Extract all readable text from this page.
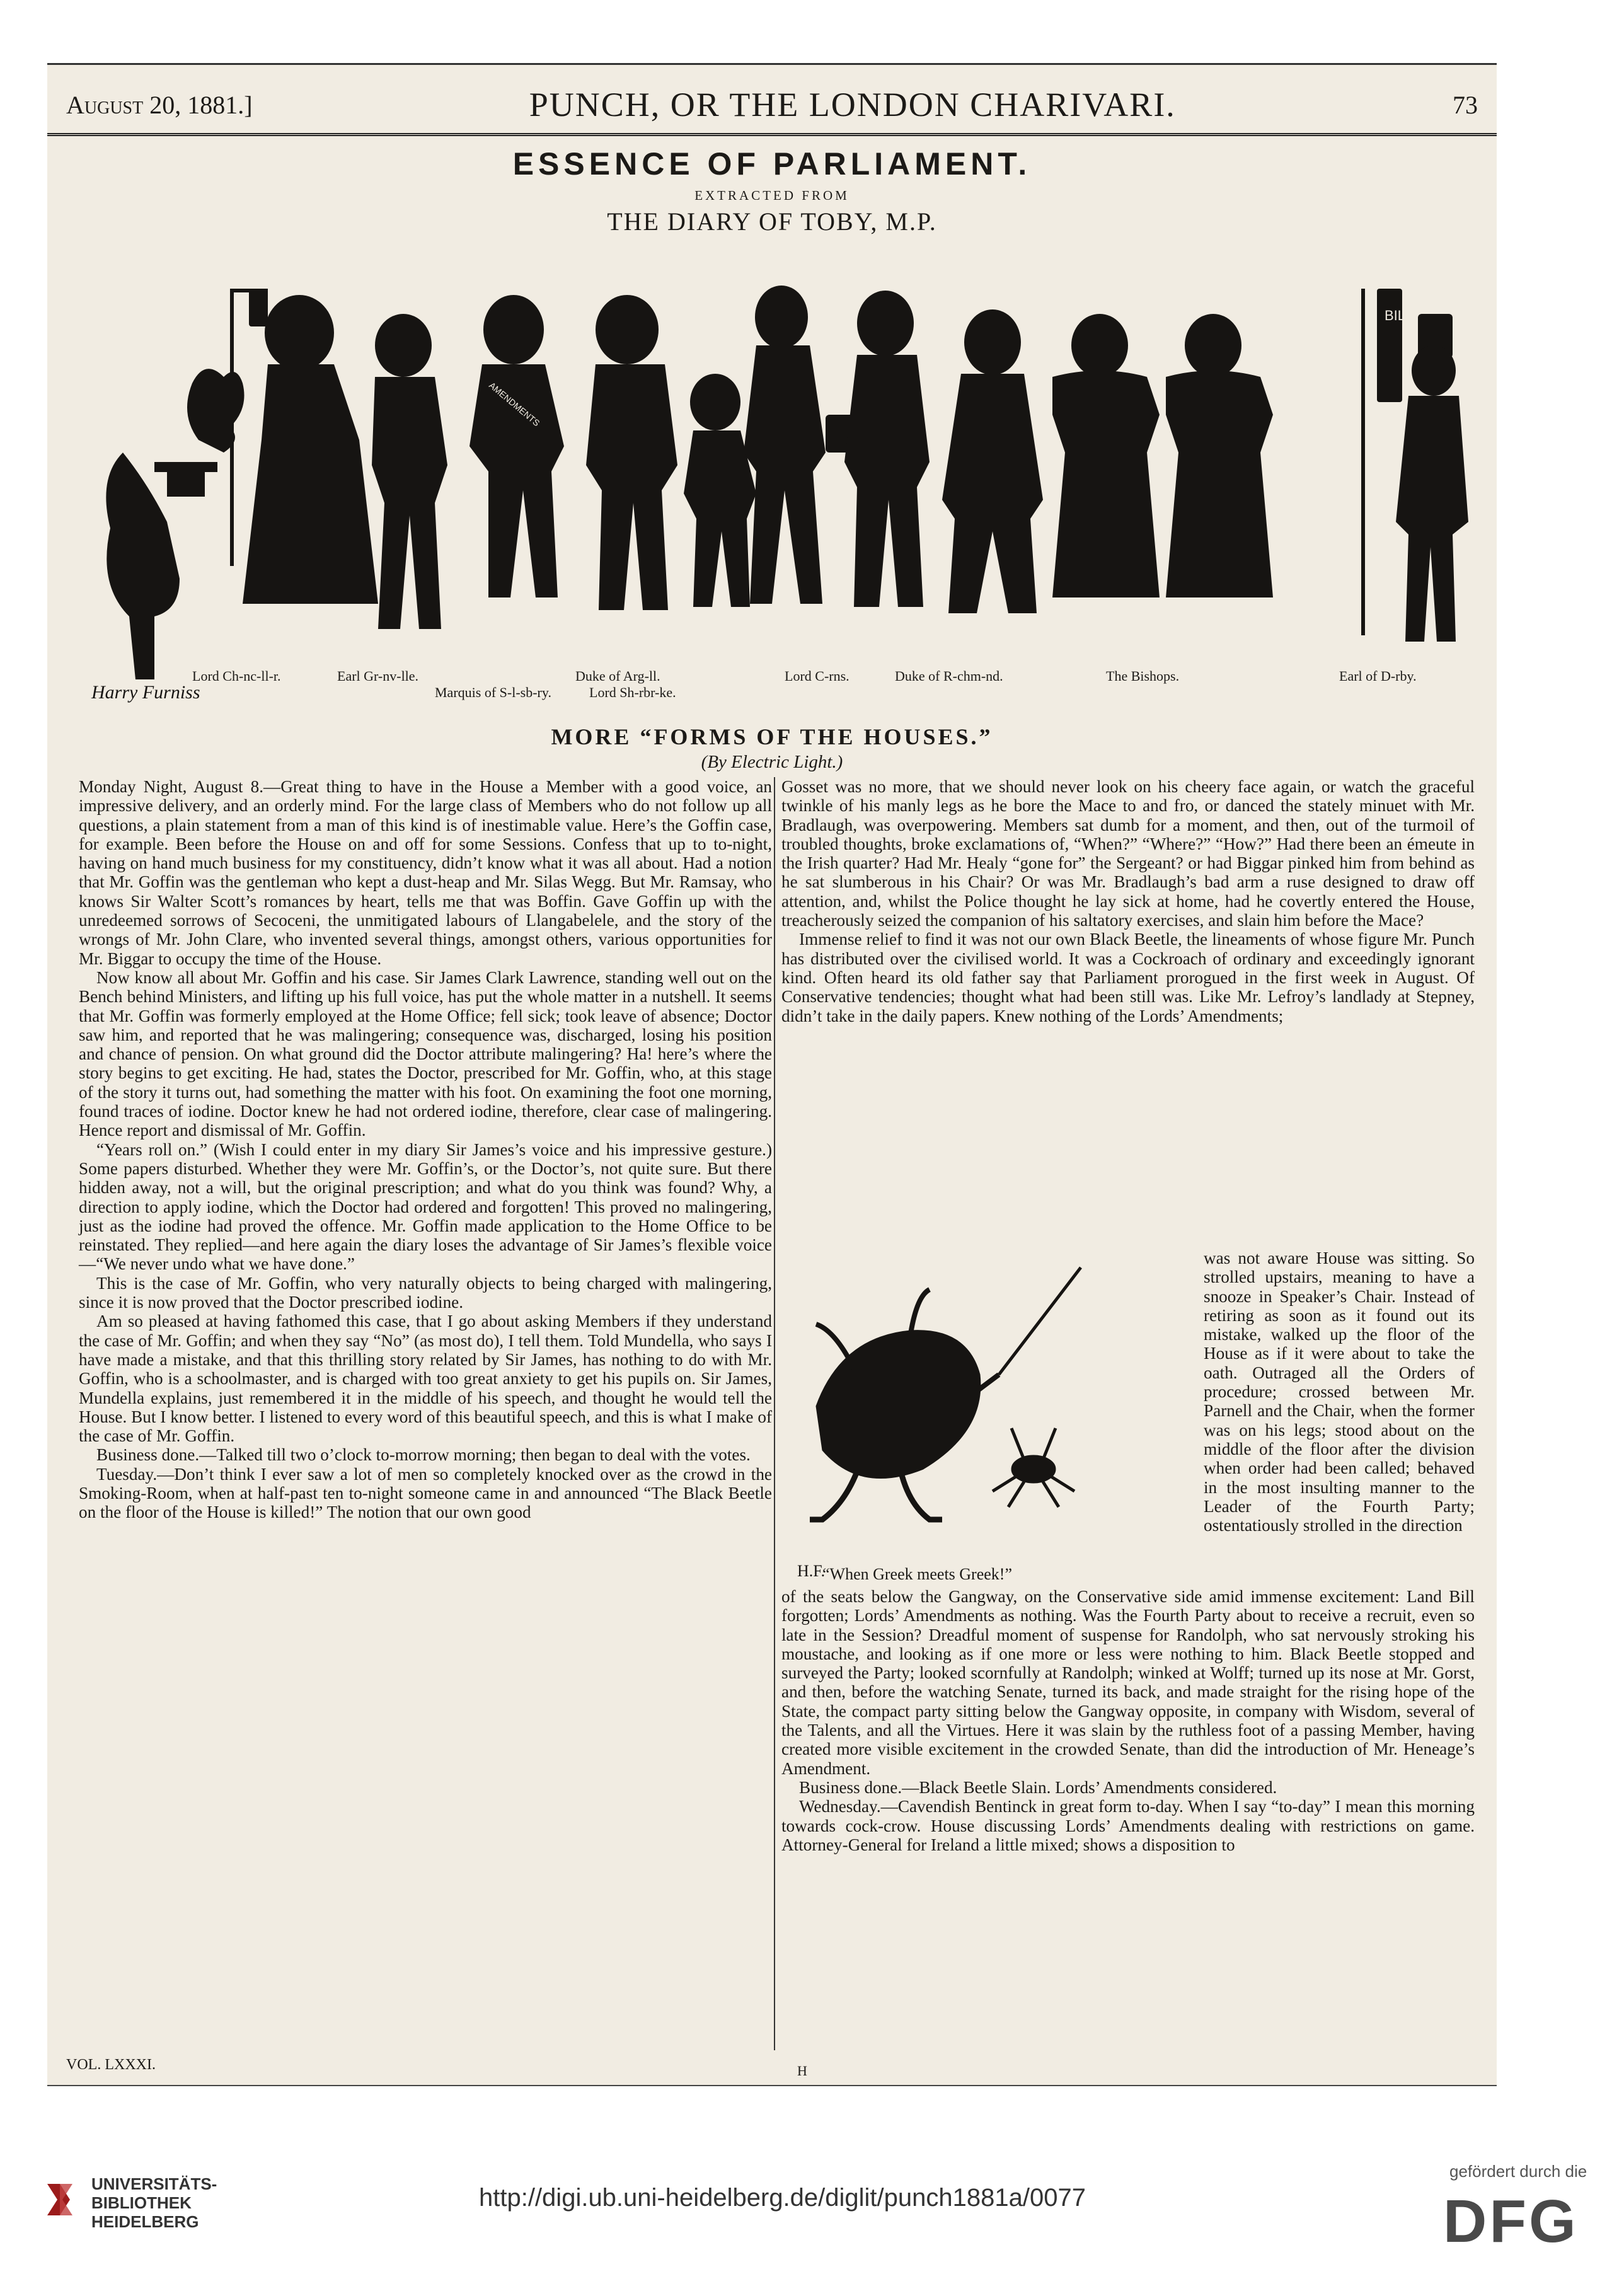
August 20, 1881.]	PUNCH, OR THE LONDON CHARIVARI.	73
ESSENCE OF PARLIAMENT.
EXTRACTED FROM
THE DIARY OF TOBY, M.P.
BILL
AMENDMENTS
Harry Furniss
Lord Ch-nc-ll-r.	Earl Gr-nv-lle.	Duke of Arg-ll.	Lord C-rns.	Duke of R-chm-nd.	The Bishops.	Earl of D-rby.
Marquis of S-l-sb-ry.	Lord Sh-rbr-ke.
MORE “FORMS OF THE HOUSES.”
(By Electric Light.)

Monday Night, August 8.—Great thing to have in the House a Member with a good voice, an impressive delivery, and an orderly mind. For the large class of Members who do not follow up all questions, a plain statement from a man of this kind is of inestimable value. Here’s the Goffin case, for example. Been before the House on and off for some Sessions. Confess that up to to-night, having on hand much business for my constituency, didn’t know what it was all about. Had a notion that Mr. Goffin was the gentleman who kept a dust-heap and Mr. Silas Wegg. But Mr. Ramsay, who knows Sir Walter Scott’s romances by heart, tells me that was Boffin. Gave Goffin up with the unredeemed sorrows of Secoceni, the unmitigated labours of Llangabelele, and the story of the wrongs of Mr. John Clare, who invented several things, amongst others, various opportunities for Mr. Biggar to occupy the time of the House.

Now know all about Mr. Goffin and his case. Sir James Clark Lawrence, standing well out on the Bench behind Ministers, and lifting up his full voice, has put the whole matter in a nutshell. It seems that Mr. Goffin was formerly employed at the Home Office; fell sick; took leave of absence; Doctor saw him, and reported that he was malingering; consequence was, discharged, losing his position and chance of pension. On what ground did the Doctor attribute malingering? Ha! here’s where the story begins to get exciting. He had, states the Doctor, prescribed for Mr. Goffin, who, at this stage of the story it turns out, had something the matter with his foot. On examining the foot one morning, found traces of iodine. Doctor knew he had not ordered iodine, therefore, clear case of malingering. Hence report and dismissal of Mr. Goffin.

“Years roll on.” (Wish I could enter in my diary Sir James’s voice and his impressive gesture.) Some papers disturbed. Whether they were Mr. Goffin’s, or the Doctor’s, not quite sure. But there hidden away, not a will, but the original prescription; and what do you think was found? Why, a direction to apply iodine, which the Doctor had ordered and forgotten! This proved no malingering, just as the iodine had proved the offence. Mr. Goffin made application to the Home Office to be reinstated. They replied—and here again the diary loses the advantage of Sir James’s flexible voice—“We never undo what we have done.”

This is the case of Mr. Goffin, who very naturally objects to being charged with malingering, since it is now proved that the Doctor prescribed iodine.

Am so pleased at having fathomed this case, that I go about asking Members if they understand the case of Mr. Goffin; and when they say “No” (as most do), I tell them. Told Mundella, who says I have made a mistake, and that this thrilling story related by Sir James, has nothing to do with Mr. Goffin, who is a schoolmaster, and is charged with too great anxiety to get his pupils on. Sir James, Mundella explains, just remembered it in the middle of his speech, and thought he would tell the House. But I know better. I listened to every word of this beautiful speech, and this is what I make of the case of Mr. Goffin.

Business done.—Talked till two o’clock to-morrow morning; then began to deal with the votes.

Tuesday.—Don’t think I ever saw a lot of men so completely knocked over as the crowd in the Smoking-Room, when at half-past ten to-night someone came in and announced “The Black Beetle on the floor of the House is killed!” The notion that our own good

Gosset was no more, that we should never look on his cheery face again, or watch the graceful twinkle of his manly legs as he bore the Mace to and fro, or danced the stately minuet with Mr. Bradlaugh, was overpowering. Members sat dumb for a moment, and then, out of the turmoil of troubled thoughts, broke exclamations of, “When?” “Where?” “How?” Had there been an émeute in the Irish quarter? Had Mr. Healy “gone for” the Sergeant? or had Biggar pinked him from behind as he sat slumberous in his Chair? Or was Mr. Bradlaugh’s bad arm a ruse designed to draw off attention, and, whilst the Police thought he lay sick at home, had he covertly entered the House, treacherously seized the companion of his saltatory exercises, and slain him before the Mace?

Immense relief to find it was not our own Black Beetle, the lineaments of whose figure Mr. Punch has distributed over the civilised world. It was a Cockroach of ordinary and exceedingly ignorant kind. Often heard its old father say that Parliament prorogued in the first week in August. Of Conservative tendencies; thought what had been still was. Like Mr. Lefroy’s landlady at Stepney, didn’t take in the daily papers. Knew nothing of the Lords’ Amendments;

H.F.
“When Greek meets Greek!”

was not aware House was sitting. So strolled upstairs, meaning to have a snooze in Speaker’s Chair. Instead of retiring as soon as it found out its mistake, walked up the floor of the House as if it were about to take the oath. Outraged all the Orders of procedure; crossed between Mr. Parnell and the Chair, when the former was on his legs; stood about on the middle of the floor after the division when order had been called; behaved in the most insulting manner to the Leader of the Fourth Party; ostentatiously strolled in the direction

of the seats below the Gangway, on the Conservative side amid immense excitement: Land Bill forgotten; Lords’ Amendments as nothing. Was the Fourth Party about to receive a recruit, even so late in the Session? Dreadful moment of suspense for Randolph, who sat nervously stroking his moustache, and looking as if one more or less were nothing to him. Black Beetle stopped and surveyed the Party; looked scornfully at Randolph; winked at Wolff; turned up its nose at Mr. Gorst, and then, before the watching Senate, turned its back, and made straight for the rising hope of the State, the compact party sitting below the Gangway opposite, in company with Wisdom, several of the Talents, and all the Virtues. Here it was slain by the ruthless foot of a passing Member, having created more visible excitement in the crowded Senate, than did the introduction of Mr. Heneage’s Amendment.

Business done.—Black Beetle Slain. Lords’ Amendments considered.

Wednesday.—Cavendish Bentinck in great form to-day. When I say “to-day” I mean this morning towards cock-crow. House discussing Lords’ Amendments dealing with restrictions on game. Attorney-General for Ireland a little mixed; shows a disposition to

VOL. LXXXI.	H
UNIVERSITÄTS-
BIBLIOTHEK
HEIDELBERG
http://digi.ub.uni-heidelberg.de/diglit/punch1881a/0077
gefördert durch die
DFG
